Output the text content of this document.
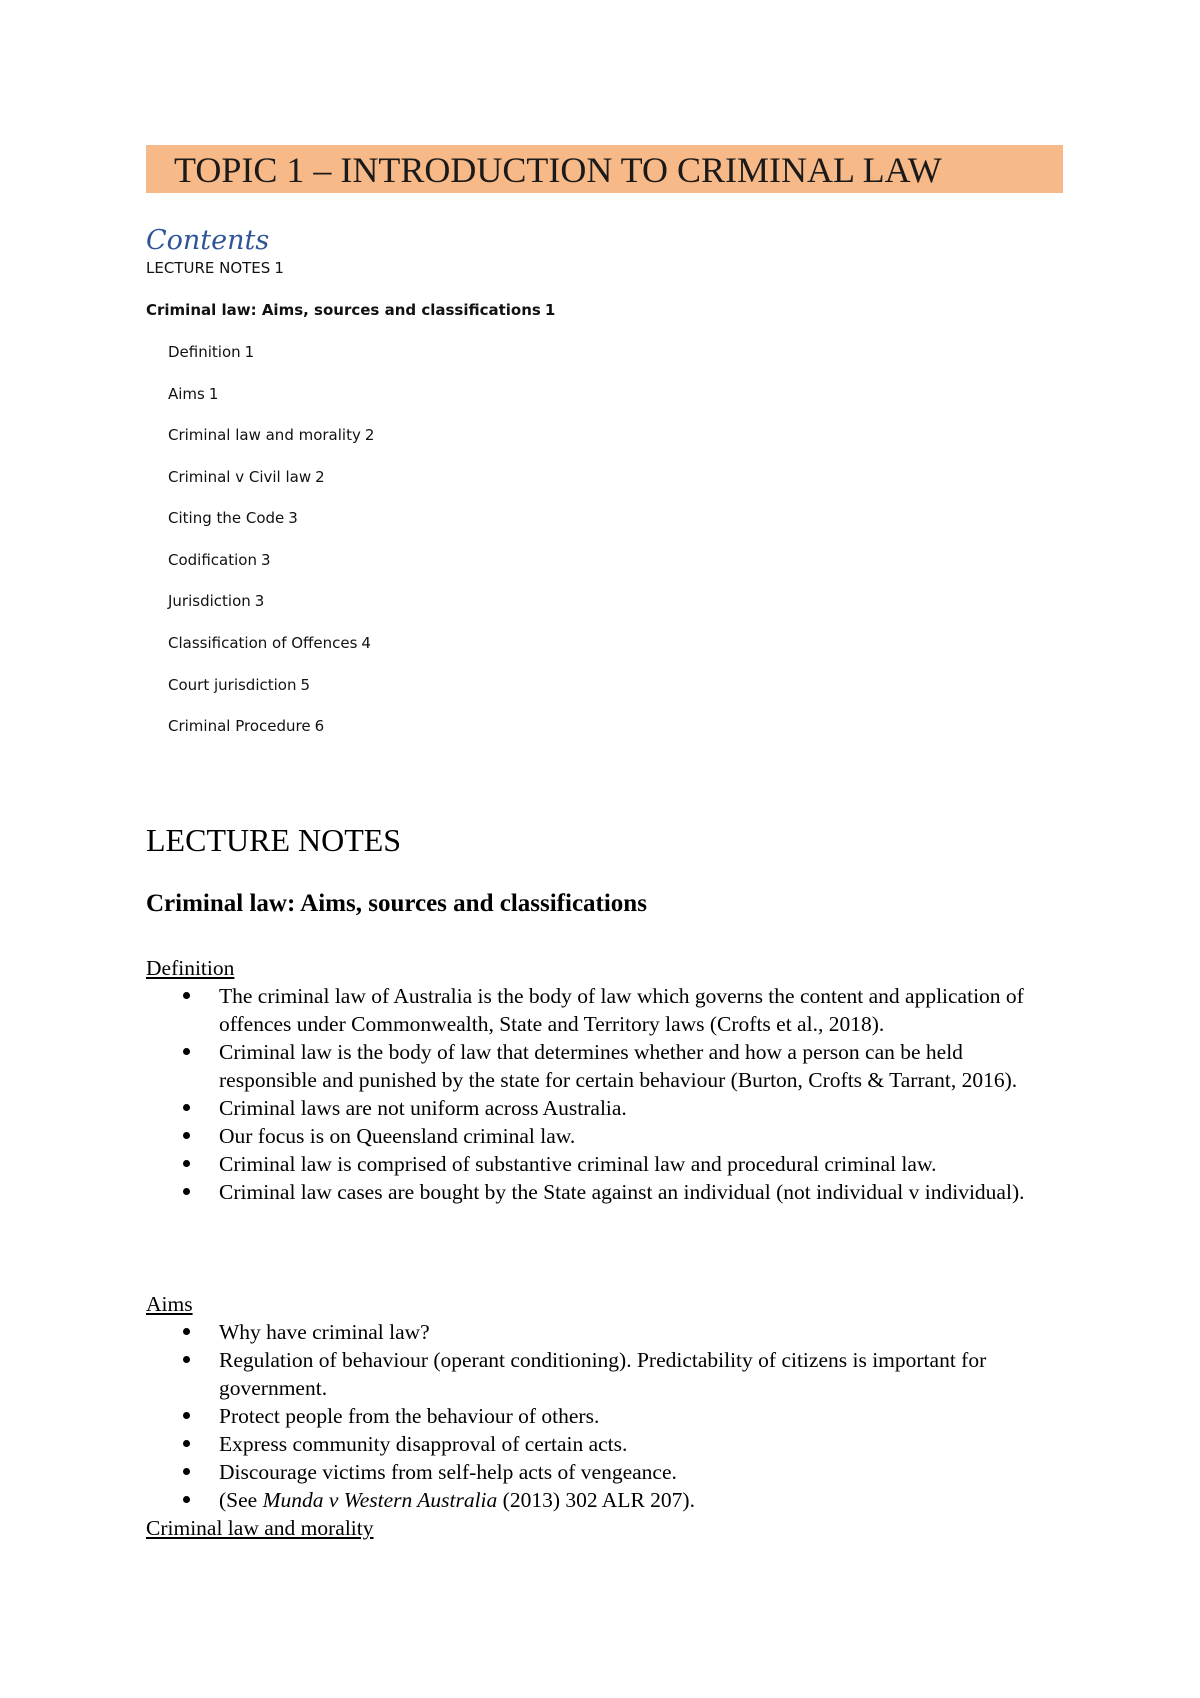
TOPIC 1 – INTRODUCTION TO CRIMINAL LAW
Contents
LECTURE NOTES 1
Criminal law: Aims, sources and classifications 1
Definition 1
Aims 1
Criminal law and morality 2
Criminal v Civil law 2
Citing the Code 3
Codification 3
Jurisdiction 3
Classification of Offences 4
Court jurisdiction 5
Criminal Procedure 6
LECTURE NOTES
Criminal law: Aims, sources and classifications
Definition
The criminal law of Australia is the body of law which governs the content and application of offences under Commonwealth, State and Territory laws (Crofts et al., 2018).
Criminal law is the body of law that determines whether and how a person can be held responsible and punished by the state for certain behaviour (Burton, Crofts & Tarrant, 2016).
Criminal laws are not uniform across Australia.
Our focus is on Queensland criminal law.
Criminal law is comprised of substantive criminal law and procedural criminal law.
Criminal law cases are bought by the State against an individual (not individual v individual).
Aims
Why have criminal law?
Regulation of behaviour (operant conditioning). Predictability of citizens is important for government.
Protect people from the behaviour of others.
Express community disapproval of certain acts.
Discourage victims from self-help acts of vengeance.
(See Munda v Western Australia (2013) 302 ALR 207).
Criminal law and morality
